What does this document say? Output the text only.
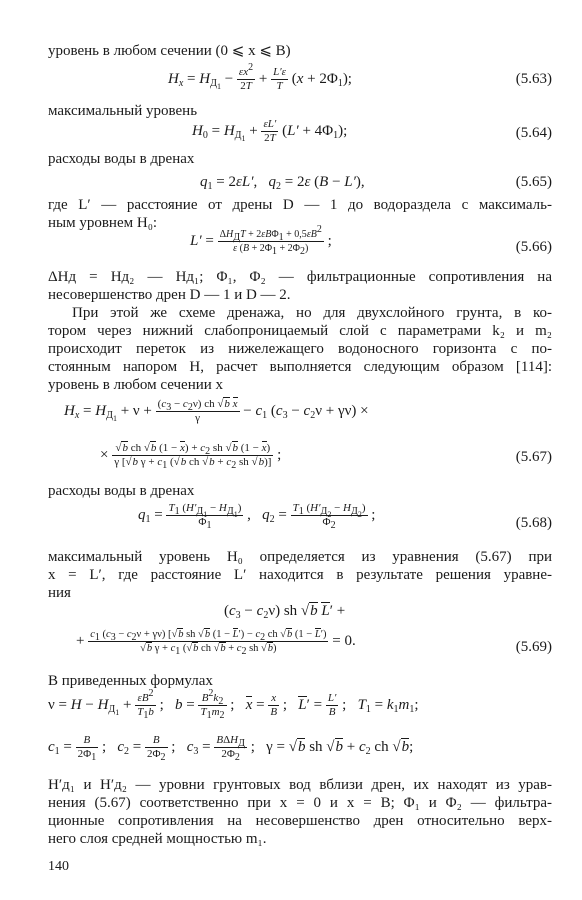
уровень в любом сечении (0 ⩽ x ⩽ B)
$H_x = H_{Д_1} - \frac{\varepsilon x^2}{2T} + \frac{L'\varepsilon}{T} (x + 2\Phi_1)$;	(5.63)
максимальный уровень
$H_0 = H_{Д_1} + \frac{\varepsilon L'}{2T} (L' + 4\Phi_1)$;	(5.64)
расходы воды в дренах
$q_1 = 2\varepsilon L'$,   $q_2 = 2\varepsilon$ (B − L′),	(5.65)
где L′ — расстояние от дрены D — 1 до водораздела с максималь-
ным уровнем H₀:
$L' = \Delta H_ДT + 2\varepsilon B\Phi_1 + 0,5\varepsilon B^2$
ε $(B + 2\Phi_1 + 2\Phi_2)$	;	(5.66)
ΔHд = Hд₂ — Hд₁; Φ₁, Φ₂ — фильтрационные сопротивления на
несовершенство дрен D — 1 и D — 2.
При этой же схеме дренажа, но для двухслойного грунта, в ко-
тором через нижний слабопроницаемый слой с параметрами k₂ и m₂
происходит переток из нижележащего водоносного горизонта с по-
стоянным напором H, расчет выполняется следующим образом [114]:
уровень в любом сечении x
$H_x = H_{Д_1} + \nu + \frac{(c_3 - c_2\nu) ch √b x}{\gamma} - c_1$ $(c_3 - c_2\nu + \gamma\nu)$ ×
× $\frac{√b ch √b (1 - x) + c_2 sh √b (1 - x)}{\gamma [√b \gamma + c_1 (√b ch √b + c_2 sh √b)]}$ ;	(5.67)
расходы воды в дренах
$q_1 = T_1$ $(H'_{Д_1} - H_{Д_1})$
$\Phi_1$
,   $q_2 = T_1$ $(H'_{Д_2} - H_{Д_2})$
$\Phi_2$
;
(5.68)
максимальный уровень H₀ определяется из уравнения (5.67) при
x = L′, где расстояние L′ находится в результате решения уравне-
ния
$(c_3 - c_2\nu)$ sh √b L′ +
+ $\frac{c_1 (c_3 - c_2\nu + \gamma\nu) [√b sh √b (1 - L') - c_2 ch √b (1 - L')}{√b \gamma + c_1 (√b ch √b + c_2 sh √b)} = 0$.	(5.69)
В приведенных формулах
$\nu = H - H_{Д_1} + \frac{\varepsilon B^2}{T_1b}$ ;   $b = \frac{B^2k_2}{T_1m_2}$ ;   $x = \frac{x}{B}$ ;   $L' = \frac{L'}{B}$ ;   $T_1 = k_1m_1$;
$c_1 = \frac{B}{2\Phi_1}$ ;   $c_2 = \frac{B}{2\Phi_2}$ ;   $c_3 = B\Delta H_Д$
$2\Phi_2$
;   γ = √b sh $√b + c_2$ ch √b;
H′д₁ и H′д₂ — уровни грунтовых вод вблизи дрен, их находят из урав-
нения (5.67) соответственно при x = 0 и x = B; Φ₁ и Φ₂ — фильтра-
ционные сопротивления на несовершенство дрен относительно верх-
него слоя средней мощностью m₁.
140
